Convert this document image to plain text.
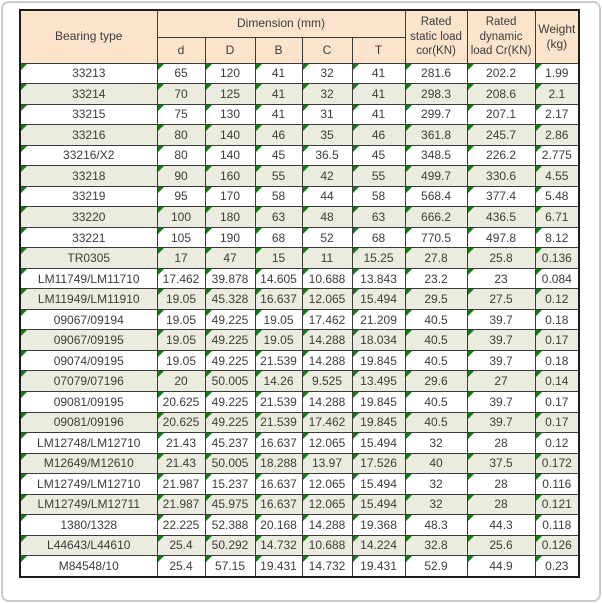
Bearing type	Dimension (mm)					Rated static load cor(KN)	Rated dynamic load Cr(KN)	Weight (kg)
	d	D	B	C	T			
33213	65	120	41	32	41	281.6	202.2	1.99
33214	70	125	41	32	41	298.3	208.6	2.1
33215	75	130	41	31	41	299.7	207.1	2.17
33216	80	140	46	35	46	361.8	245.7	2.86
33216/X2	80	140	45	36.5	45	348.5	226.2	2.775
33218	90	160	55	42	55	499.7	330.6	4.55
33219	95	170	58	44	58	568.4	377.4	5.48
33220	100	180	63	48	63	666.2	436.5	6.71
33221	105	190	68	52	68	770.5	497.8	8.12
TR0305	17	47	15	11	15.25	27.8	25.8	0.136
LM11749/LM11710	17.462	39.878	14.605	10.688	13.843	23.2	23	0.084
LM11949/LM11910	19.05	45.328	16.637	12.065	15.494	29.5	27.5	0.12
09067/09194	19.05	49.225	19.05	17.462	21.209	40.5	39.7	0.18
09067/09195	19.05	49.225	19.05	14.288	18.034	40.5	39.7	0.17
09074/09195	19.05	49.225	21.539	14.288	19.845	40.5	39.7	0.18
07079/07196	20	50.005	14.26	9.525	13.495	29.6	27	0.14
09081/09195	20.625	49.225	21.539	14.288	19.845	40.5	39.7	0.17
09081/09196	20.625	49.225	21.539	17.462	19.845	40.5	39.7	0.17
LM12748/LM12710	21.43	45.237	16.637	12.065	15.494	32	28	0.12
M12649/M12610	21.43	50.005	18.288	13.97	17.526	40	37.5	0.172
LM12749/LM12710	21.987	15.237	16.637	12.065	15.494	32	28	0.116
LM12749/LM12711	21.987	45.975	16.637	12.065	15.494	32	28	0.121
1380/1328	22.225	52.388	20.168	14.288	19.368	48.3	44.3	0.118
L44643/L44610	25.4	50.292	14.732	10.688	14.224	32.8	25.6	0.126
M84548/10	25.4	57.15	19.431	14.732	19.431	52.9	44.9	0.23
